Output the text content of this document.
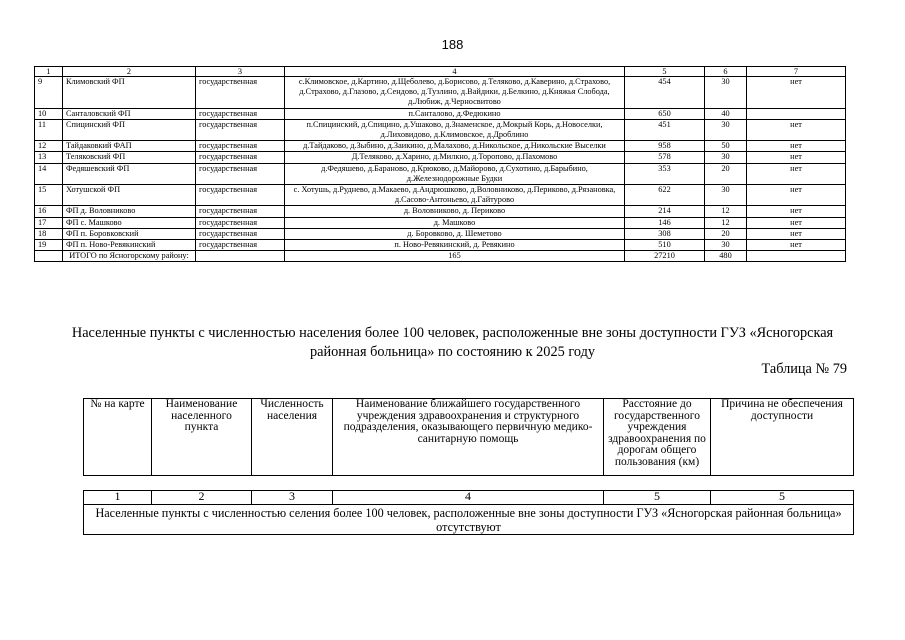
188
1	2	3	4	5	6	7
9	Климовский ФП	государственная	с.Климовское, д.Картино, д.Щеболево, д.Борисово, д.Теляково, д.Каверино, д.Страхово, д.Страхово, д.Глазово, д.Сендово, д.Тузлино, д.Вайдики, д.Белкино, д.Княжья Слобода, д.Любиж, д.Черносвитово	454	30	нет
10	Санталовский ФП	государственная	п.Санталово, д.Федюкино	650	40	
11	Спицинский ФП	государственная	п.Спицинский, д.Спицино, д.Ушаково, д.Знаменское, д.Мокрый Корь, д.Новоселки, д.Лиховидово, д.Климовское, д.Дроблино	451	30	нет
12	Тайдаковкий ФАП	государственная	д.Тайдаково, д.Зыбино, д.Заикино, д.Малахово, д.Никольское, д.Никольские Выселки	958	50	нет
13	Теляковский ФП	государственная	Д.Теляково, д.Харино, д.Милкно, д.Торопово, д.Пахомово	578	30	нет
14	Федяшевский ФП	государственная	д.Федяшево, д.Бараново, д.Крюково, д.Майорово, д.Сухотино, д.Барыбино, д.Железнодорожные Будки	353	20	нет
15	Хотушской ФП	государственная	с. Хотушь, д.Руднево, д.Макаево, д.Андрюшково, д.Воловниково, д.Периково, д.Рязановка, д.Сасово-Антоньево, д.Гайтурово	622	30	нет
16	ФП д. Воловниково	государственная	д. Воловниково, д. Периково	214	12	нет
17	ФП с. Машково	государственная	д. Машково	146	12	нет
18	ФП п. Боровковский	государственная	д. Боровково, д. Шеметово	308	20	нет
19	ФП п. Ново-Ревякинский	государственная	п. Ново-Ревякинский, д. Ревякино	510	30	нет
	ИТОГО по Ясногорскому району:		165	27210	480	
Населенные пункты с численностью населения более 100 человек, расположенные вне зоны доступности ГУЗ «Ясногорская районная больница» по состоянию к 2025 году
Таблица № 79
№ на карте	Наименование населенного пункта	Численность населения	Наименование ближайшего государственного учреждения здравоохранения и структурного подразделения, оказывающего первичную медико-санитарную помощь	Расстояние до государственного учреждения здравоохранения по дорогам общего пользования (км)	Причина не обеспечения доступности

1	2	3	4	5	5
Населенные пункты с численностью селения более 100 человек, расположенные вне зоны доступности ГУЗ «Ясногорская районная больница» отсутствуют					
